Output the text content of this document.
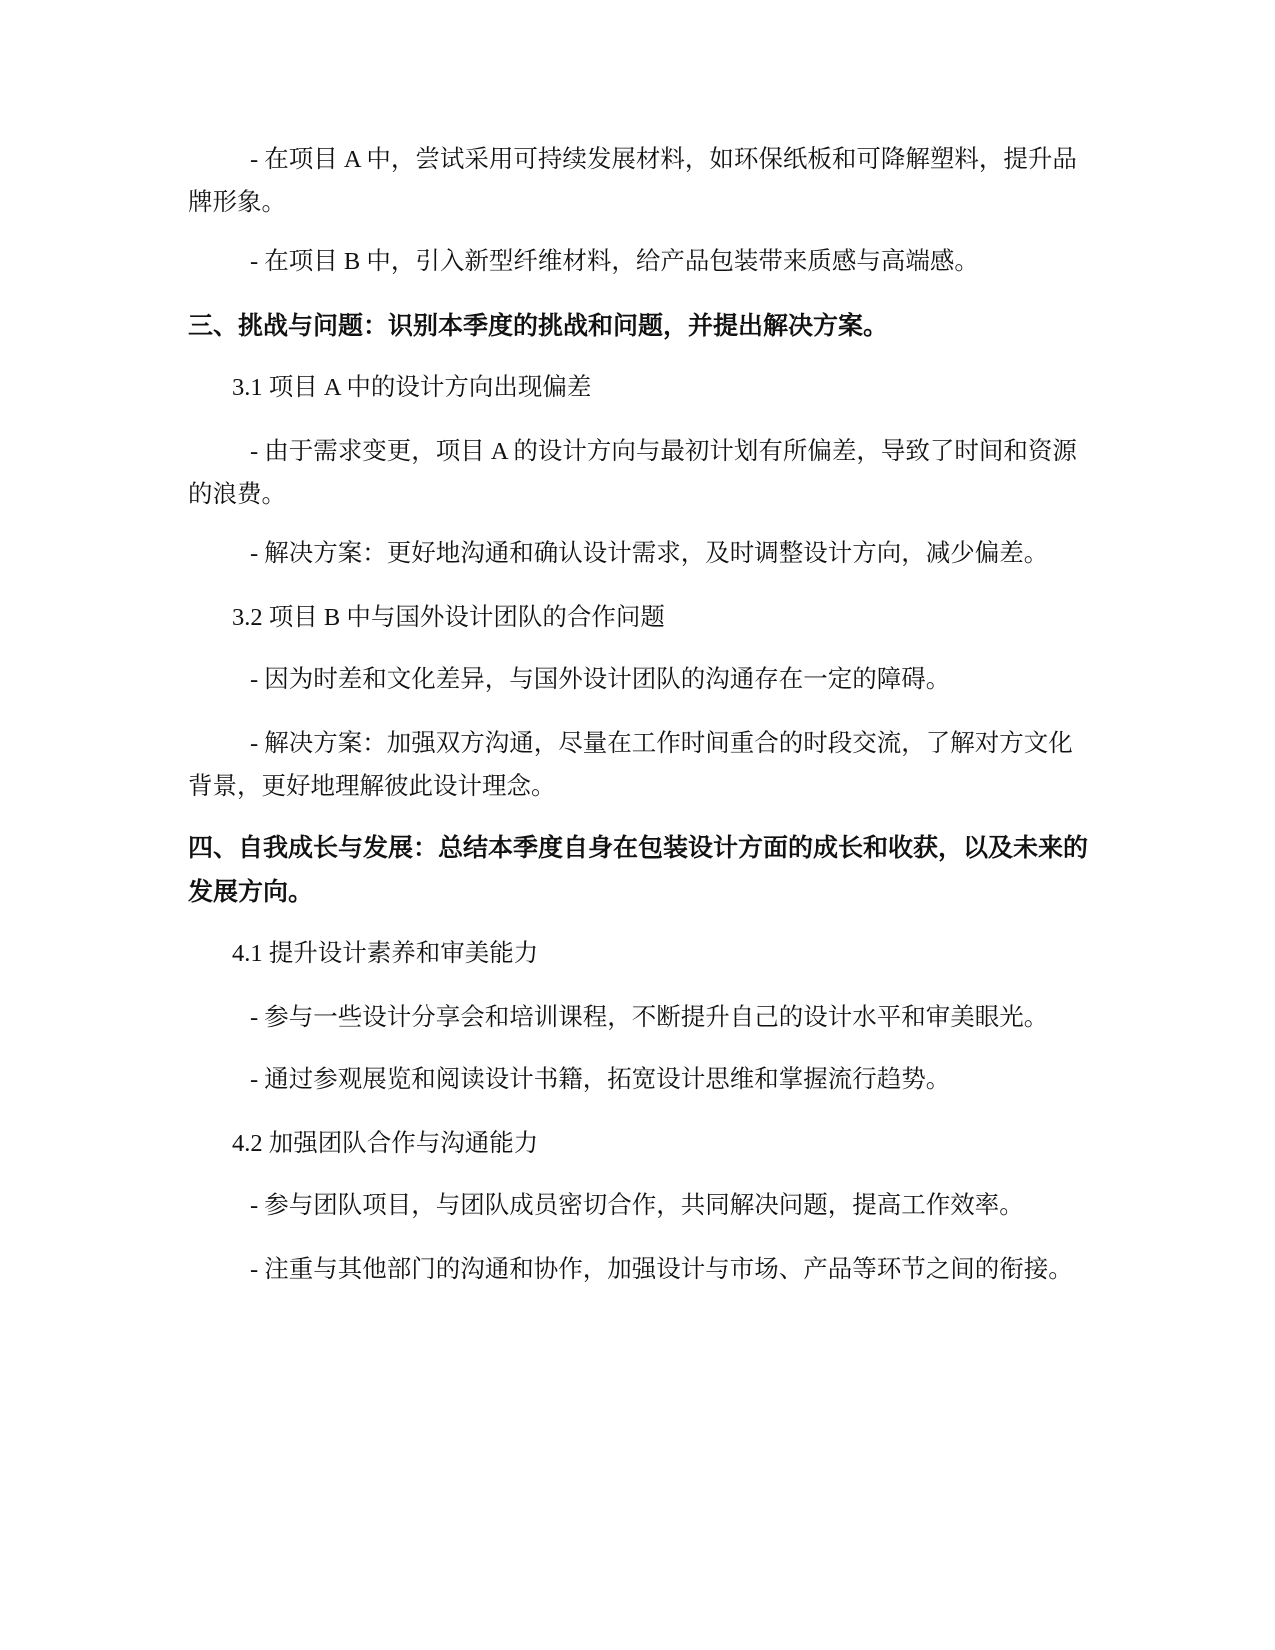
- 在项目 A 中，尝试采用可持续发展材料，如环保纸板和可降解塑料，提升品牌形象。

- 在项目 B 中，引入新型纤维材料，给产品包装带来质感与高端感。

三、挑战与问题：识别本季度的挑战和问题，并提出解决方案。

3.1 项目 A 中的设计方向出现偏差

- 由于需求变更，项目 A 的设计方向与最初计划有所偏差，导致了时间和资源的浪费。

- 解决方案：更好地沟通和确认设计需求，及时调整设计方向，减少偏差。

3.2 项目 B 中与国外设计团队的合作问题

- 因为时差和文化差异，与国外设计团队的沟通存在一定的障碍。

- 解决方案：加强双方沟通，尽量在工作时间重合的时段交流，了解对方文化背景，更好地理解彼此设计理念。

四、自我成长与发展：总结本季度自身在包装设计方面的成长和收获，以及未来的发展方向。

4.1 提升设计素养和审美能力

- 参与一些设计分享会和培训课程，不断提升自己的设计水平和审美眼光。

- 通过参观展览和阅读设计书籍，拓宽设计思维和掌握流行趋势。

4.2 加强团队合作与沟通能力

- 参与团队项目，与团队成员密切合作，共同解决问题，提高工作效率。

- 注重与其他部门的沟通和协作，加强设计与市场、产品等环节之间的衔接。
